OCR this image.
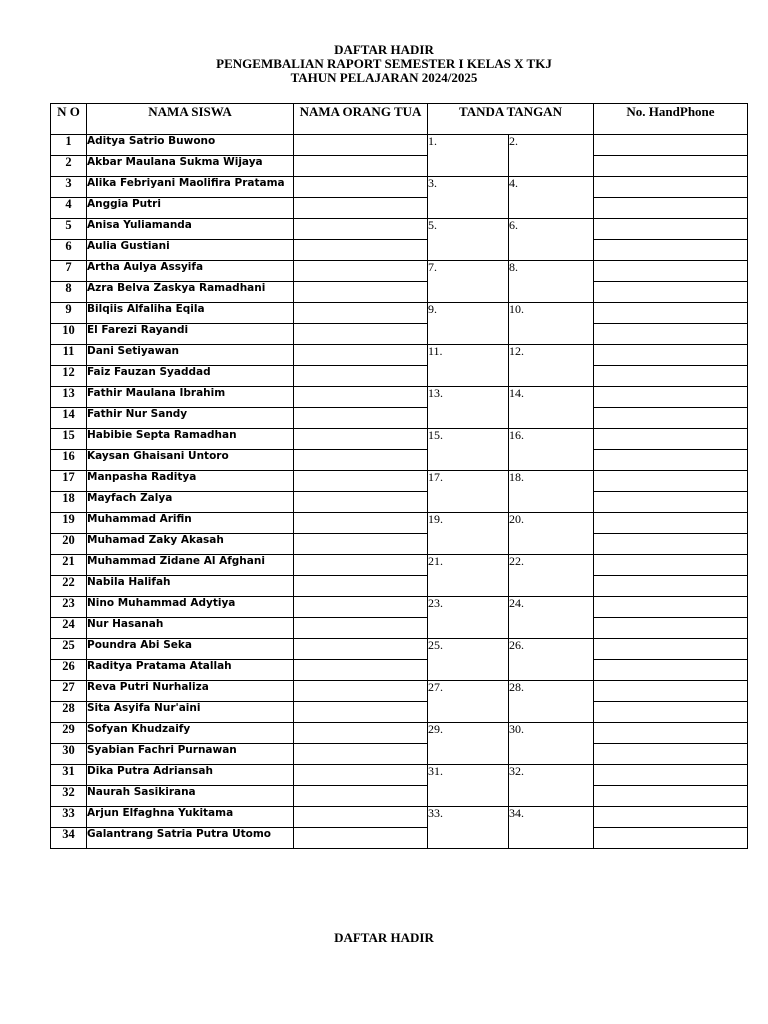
DAFTAR HADIR
PENGEMBALIAN RAPORT SEMESTER I KELAS X TKJ
TAHUN PELAJARAN 2024/2025
N O	NAMA SISWA	NAMA ORANG TUA	TANDA TANGAN		No. HandPhone
1	Aditya Satrio Buwono		1.	2.	
2	Akbar Maulana Sukma Wijaya				
3	Alika Febriyani Maolifira Pratama		3.	4.	
4	Anggia Putri				
5	Anisa Yuliamanda		5.	6.	
6	Aulia Gustiani				
7	Artha Aulya Assyifa		7.	8.	
8	Azra Belva Zaskya Ramadhani				
9	Bilqiis Alfaliha Eqila		9.	10.	
10	El Farezi Rayandi				
11	Dani Setiyawan		11.	12.	
12	Faiz Fauzan Syaddad				
13	Fathir Maulana Ibrahim		13.	14.	
14	Fathir Nur Sandy				
15	Habibie Septa Ramadhan		15.	16.	
16	Kaysan Ghaisani Untoro				
17	Manpasha Raditya		17.	18.	
18	Mayfach Zalya				
19	Muhammad Arifin		19.	20.	
20	Muhamad Zaky Akasah				
21	Muhammad Zidane Al Afghani		21.	22.	
22	Nabila Halifah				
23	Nino Muhammad Adytiya		23.	24.	
24	Nur Hasanah				
25	Poundra Abi Seka		25.	26.	
26	Raditya Pratama Atallah				
27	Reva Putri Nurhaliza		27.	28.	
28	Sita Asyifa Nur'aini				
29	Sofyan Khudzaify		29.	30.	
30	Syabian Fachri Purnawan				
31	Dika Putra Adriansah		31.	32.	
32	Naurah Sasikirana				
33	Arjun Elfaghna Yukitama		33.	34.	
34	Galantrang Satria Putra Utomo				
DAFTAR HADIR
